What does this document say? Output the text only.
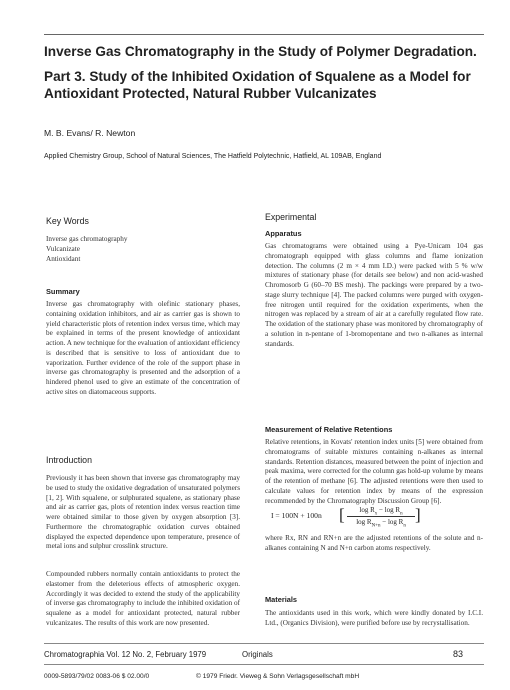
Inverse Gas Chromatography in the Study of Polymer Degradation.
Part 3. Study of the Inhibited Oxidation of Squalene as a Model for
Antioxidant Protected, Natural Rubber Vulcanizates
M. B. Evans/ R. Newton
Applied Chemistry Group, School of Natural Sciences, The Hatfield Polytechnic, Hatfield, AL 109AB, England
Key Words
Inverse gas chromatography
Vulcanizate
Antioxidant
Summary

Inverse gas chromatography with olefinic stationary phases, containing oxidation inhibitors, and air as carrier gas is shown to yield characteristic plots of retention index versus time, which may be explained in terms of the present knowledge of antioxidant action. A new technique for the evaluation of antioxidant efficiency is described that is sensitive to loss of antioxidant due to vaporization. Further evidence of the role of the support phase in inverse gas chromatography is presented and the adsorption of a hindered phenol used to give an estimate of the concentration of active sites on diatomaceous supports.

Introduction

Previously it has been shown that inverse gas chromatography may be used to study the oxidative degradation of unsaturated polymers [1, 2]. With squalene, or sulphurated squalene, as stationary phase and air as carrier gas, plots of retention index versus reaction time were obtained similar to those given by oxygen absorption [3]. Furthermore the chromatographic oxidation curves obtained displayed the expected dependence upon temperature, presence of metal ions and sulphur crosslink structure.

Compounded rubbers normally contain antioxidants to protect the elastomer from the deleterious effects of atmospheric oxygen. Accordingly it was decided to extend the study of the applicability of inverse gas chromatography to include the inhibited oxidation of squalene as a model for antioxidant protected, natural rubber vulcanizates. The results of this work are now presented.

Experimental
Apparatus

Gas chromatograms were obtained using a Pye-Unicam 104 gas chromatograph equipped with glass columns and flame ionization detection. The columns (2 m × 4 mm I.D.) were packed with 5 % w/w mixtures of stationary phase (for details see below) and non acid-washed Chromosorb G (60–70 BS mesh). The packings were prepared by a two-stage slurry technique [4]. The packed columns were purged with oxygen-free nitrogen until required for the oxidation experiments, when the nitrogen was replaced by a stream of air at a carefully regulated flow rate. The oxidation of the stationary phase was monitored by chromatography of a solution in n-pentane of 1-bromopentane and two n-alkanes as internal standards.

Measurement of Relative Retentions

Relative retentions, in Kovats' retention index units [5] were obtained from chromatograms of suitable mixtures containing n-alkanes as internal standards. Retention distances, measured between the point of injection and peak maxima, were corrected for the column gas hold-up volume by means of the retention of methane [6]. The adjusted retentions were then used to calculate values for retention index by means of the expression recommended by the Chromatography Discussion Group [6].

I = 100N + 100n [	$\log R_x - \log R_n$
$\log R_{N+n} - \log R_n$
]

where Rx, RN and RN+n are the adjusted retentions of the solute and n-alkanes containing N and N+n carbon atoms respectively.

Materials

The antioxidants used in this work, which were kindly donated by I.C.I. Ltd., (Organics Division), were purified before use by recrystallisation.

Chromatographia Vol. 12 No. 2, February 1979	Originals	83
0009-5893/79/02 0083-06 $ 02.00/0	© 1979 Friedr. Vieweg & Sohn Verlagsgesellschaft mbH
